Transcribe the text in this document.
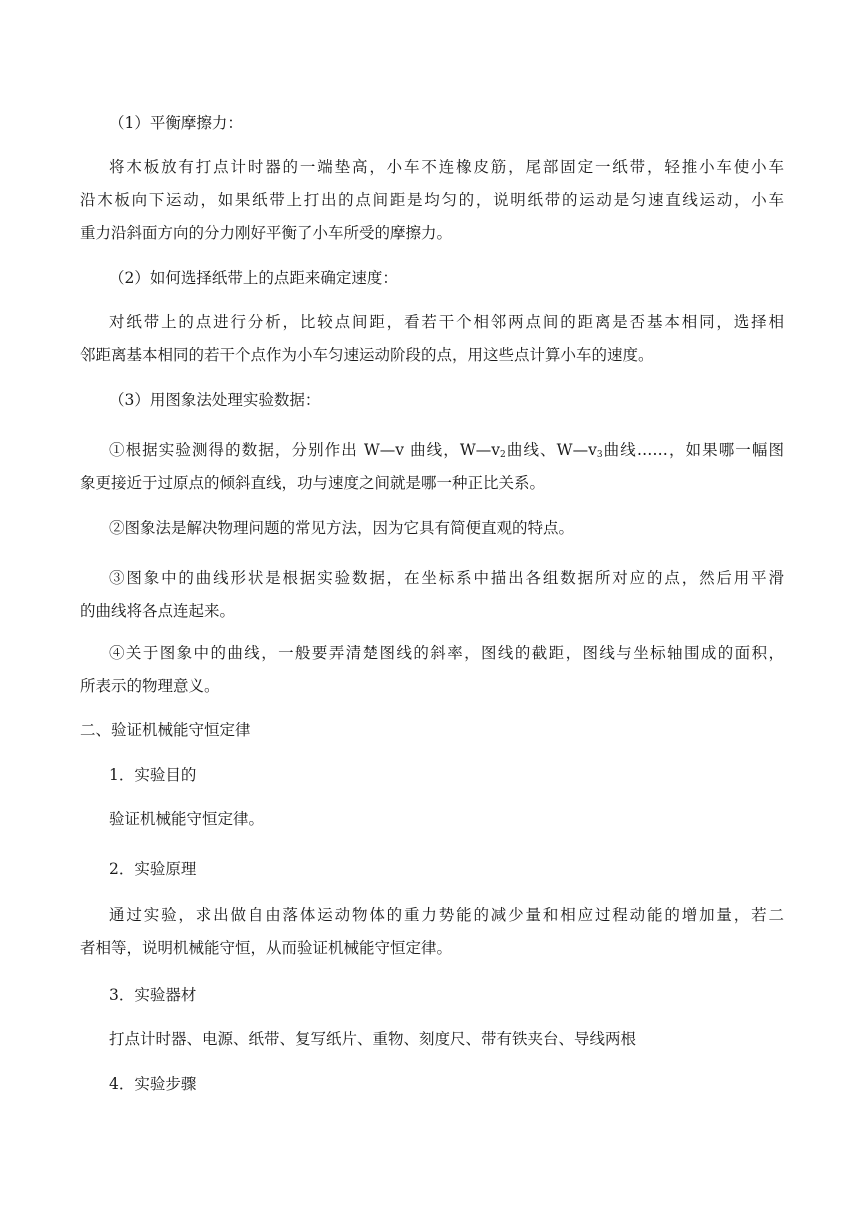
（1）平衡摩擦力：
将木板放有打点计时器的一端垫高，小车不连橡皮筋，尾部固定一纸带，轻推小车使小车
沿木板向下运动，如果纸带上打出的点间距是均匀的，说明纸带的运动是匀速直线运动，小车
重力沿斜面方向的分力刚好平衡了小车所受的摩擦力。
（2）如何选择纸带上的点距来确定速度：
对纸带上的点进行分析，比较点间距，看若干个相邻两点间的距离是否基本相同，选择相
邻距离基本相同的若干个点作为小车匀速运动阶段的点，用这些点计算小车的速度。
（3）用图象法处理实验数据：
①根据实验测得的数据，分别作出 W—v 曲线，$W—v_2$曲线、$W—v_3$曲线……，如果哪一幅图
象更接近于过原点的倾斜直线，功与速度之间就是哪一种正比关系。
②图象法是解决物理问题的常见方法，因为它具有简便直观的特点。
③图象中的曲线形状是根据实验数据，在坐标系中描出各组数据所对应的点，然后用平滑
的曲线将各点连起来。
④关于图象中的曲线，一般要弄清楚图线的斜率，图线的截距，图线与坐标轴围成的面积，
所表示的物理意义。
二、验证机械能守恒定律
1．实验目的
验证机械能守恒定律。
2．实验原理
通过实验，求出做自由落体运动物体的重力势能的减少量和相应过程动能的增加量，若二
者相等，说明机械能守恒，从而验证机械能守恒定律。
3．实验器材
打点计时器、电源、纸带、复写纸片、重物、刻度尺、带有铁夹台、导线两根
4．实验步骤
